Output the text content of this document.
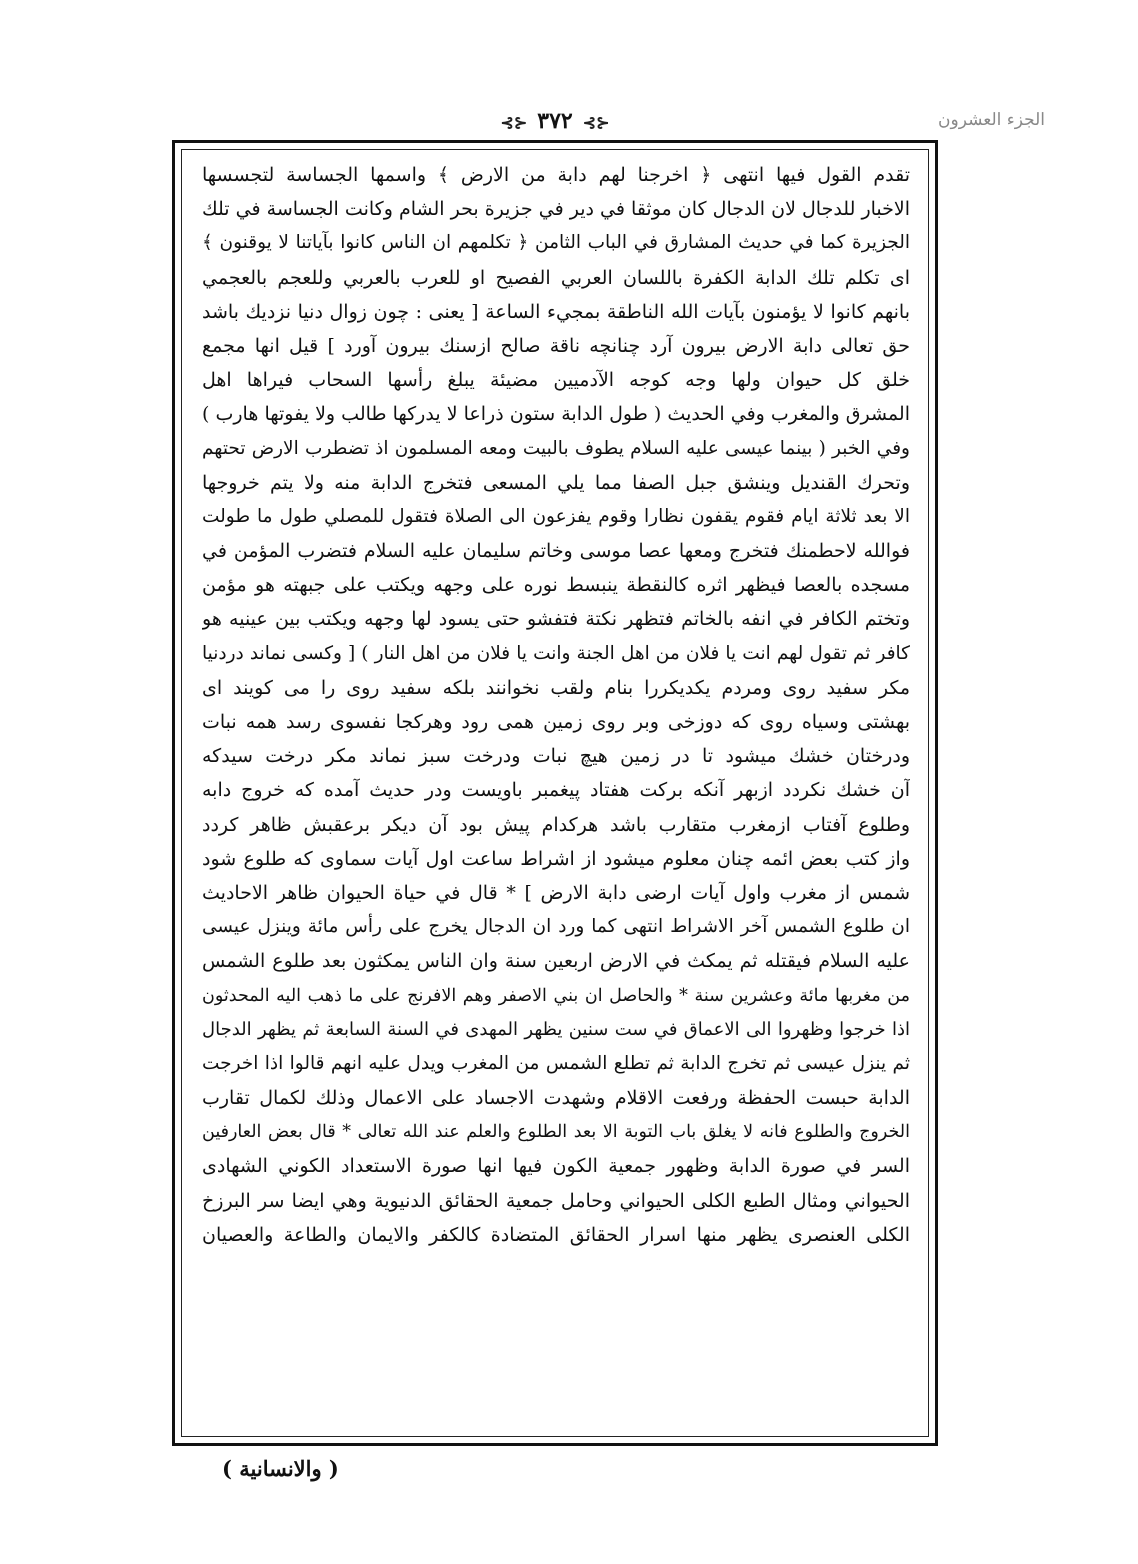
⊰⊱ ٣٧٢ ⊰⊱	الجزء العشرون
تقدم القول فيها انتهى ﴿ اخرجنا لهم دابة من الارض ﴾ واسمها الجساسة لتجسسها
الاخبار للدجال لان الدجال كان موثقا في دير في جزيرة بحر الشام وكانت الجساسة في تلك
الجزيرة كما في حديث المشارق في الباب الثامن ﴿ تكلمهم ان الناس كانوا بآياتنا لا يوقنون ﴾
اى تكلم تلك الدابة الكفرة باللسان العربي الفصيح او للعرب بالعربي وللعجم بالعجمي
بانهم كانوا لا يؤمنون بآيات الله الناطقة بمجيء الساعة [ يعنى : چون زوال دنيا نزديك باشد
حق تعالى دابة الارض بيرون آرد چنانچه ناقة صالح ازسنك بيرون آورد ] قيل انها مجمع
خلق كل حيوان ولها وجه كوجه الآدميين مضيئة يبلغ رأسها السحاب فيراها اهل
المشرق والمغرب وفي الحديث ( طول الدابة ستون ذراعا لا يدركها طالب ولا يفوتها هارب )
وفي الخبر ( بينما عيسى عليه السلام يطوف بالبيت ومعه المسلمون اذ تضطرب الارض تحتهم
وتحرك القنديل وينشق جبل الصفا مما يلي المسعى فتخرج الدابة منه ولا يتم خروجها
الا بعد ثلاثة ايام فقوم يقفون نظارا وقوم يفزعون الى الصلاة فتقول للمصلي طول ما طولت
فوالله لاحطمنك فتخرج ومعها عصا موسى وخاتم سليمان عليه السلام فتضرب المؤمن في
مسجده بالعصا فيظهر اثره كالنقطة ينبسط نوره على وجهه ويكتب على جبهته هو مؤمن
وتختم الكافر في انفه بالخاتم فتظهر نكتة فتفشو حتى يسود لها وجهه ويكتب بين عينيه هو
كافر ثم تقول لهم انت يا فلان من اهل الجنة وانت يا فلان من اهل النار ) [ وكسى نماند دردنيا
مكر سفيد روى ومردم يكديكررا بنام ولقب نخوانند بلكه سفيد روى را مى كويند اى
بهشتى وسياه روى كه دوزخى وبر روى زمين همى رود وهركجا نفسوى رسد همه نبات
ودرختان خشك ميشود تا در زمين هيچ نبات ودرخت سبز نماند مكر درخت سيدكه
آن خشك نكردد ازبهر آنكه بركت هفتاد پيغمبر باويست ودر حديث آمده كه خروج دابه
وطلوع آفتاب ازمغرب متقارب باشد هركدام پيش بود آن ديكر برعقبش ظاهر كردد
واز كتب بعض ائمه چنان معلوم ميشود از اشراط ساعت اول آيات سماوى كه طلوع شود
شمس از مغرب واول آيات ارضى دابة الارض ] * قال في حياة الحيوان ظاهر الاحاديث
ان طلوع الشمس آخر الاشراط انتهى كما ورد ان الدجال يخرج على رأس مائة وينزل عيسى
عليه السلام فيقتله ثم يمكث في الارض اربعين سنة وان الناس يمكثون بعد طلوع الشمس
من مغربها مائة وعشرين سنة * والحاصل ان بني الاصفر وهم الافرنج على ما ذهب اليه المحدثون
اذا خرجوا وظهروا الى الاعماق في ست سنين يظهر المهدى في السنة السابعة ثم يظهر الدجال
ثم ينزل عيسى ثم تخرج الدابة ثم تطلع الشمس من المغرب ويدل عليه انهم قالوا اذا اخرجت
الدابة حبست الحفظة ورفعت الاقلام وشهدت الاجساد على الاعمال وذلك لكمال تقارب
الخروج والطلوع فانه لا يغلق باب التوبة الا بعد الطلوع والعلم عند الله تعالى * قال بعض العارفين
السر في صورة الدابة وظهور جمعية الكون فيها انها صورة الاستعداد الكوني الشهادى
الحيواني ومثال الطبع الكلى الحيواني وحامل جمعية الحقائق الدنيوية وهي ايضا سر البرزخ
الكلى العنصرى يظهر منها اسرار الحقائق المتضادة كالكفر والايمان والطاعة والعصيان
( والانسانية )
